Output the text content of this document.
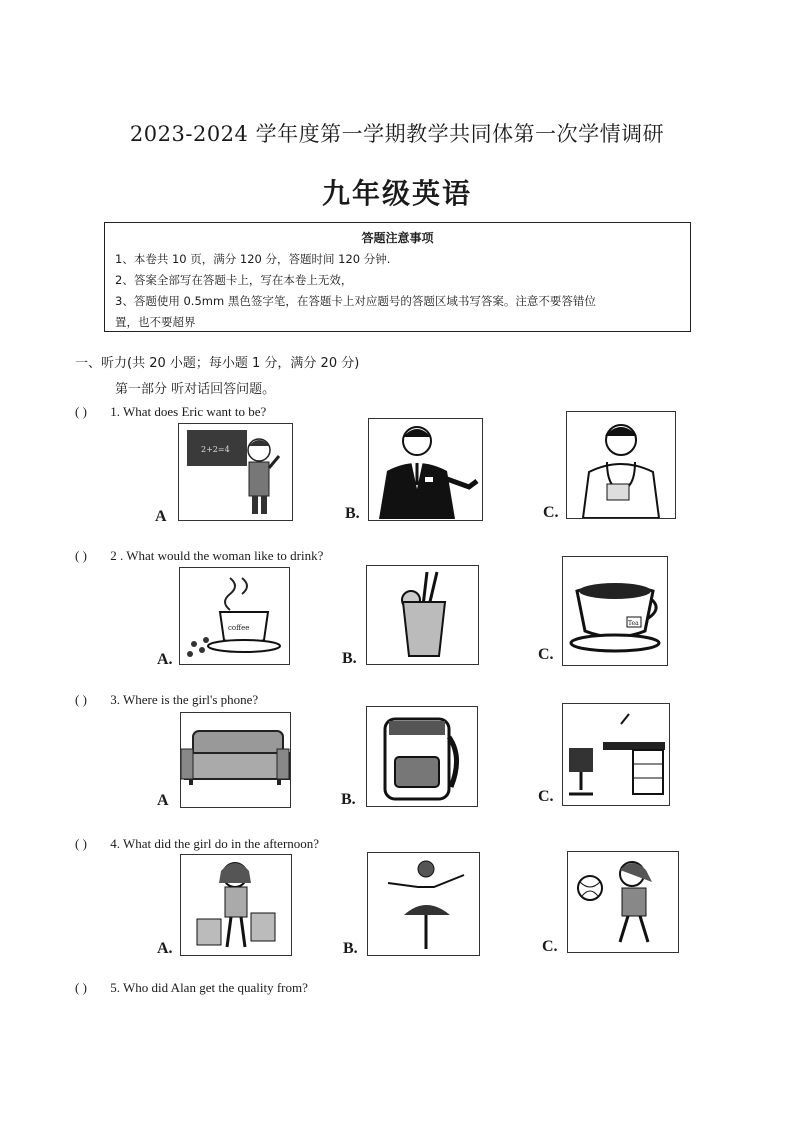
2023-2024 学年度第一学期教学共同体第一次学情调研
九年级英语
答题注意事项
1、本卷共 10 页，满分 120 分，答题时间 120 分钟.
2、答案全部写在答题卡上，写在本卷上无效，
3、答题使用 0.5mm 黑色签字笔，在答题卡上对应题号的答题区域书写答案。注意不要答错位
置，也不要超界
一、听力(共 20 小题；每小题 1 分，满分 20 分)
第一部分 听对话回答问题。
( ) 1. What does Eric want to be?
2+2=4
A	B.	C.
( ) 2 . What would the woman like to drink?
coffee
A.	B.
Tea
C.
( ) 3. Where is the girl's phone?
A	B.	C.
( ) 4. What did the girl do in the afternoon?
A.	B.	C.
( ) 5. Who did Alan get the quality from?
